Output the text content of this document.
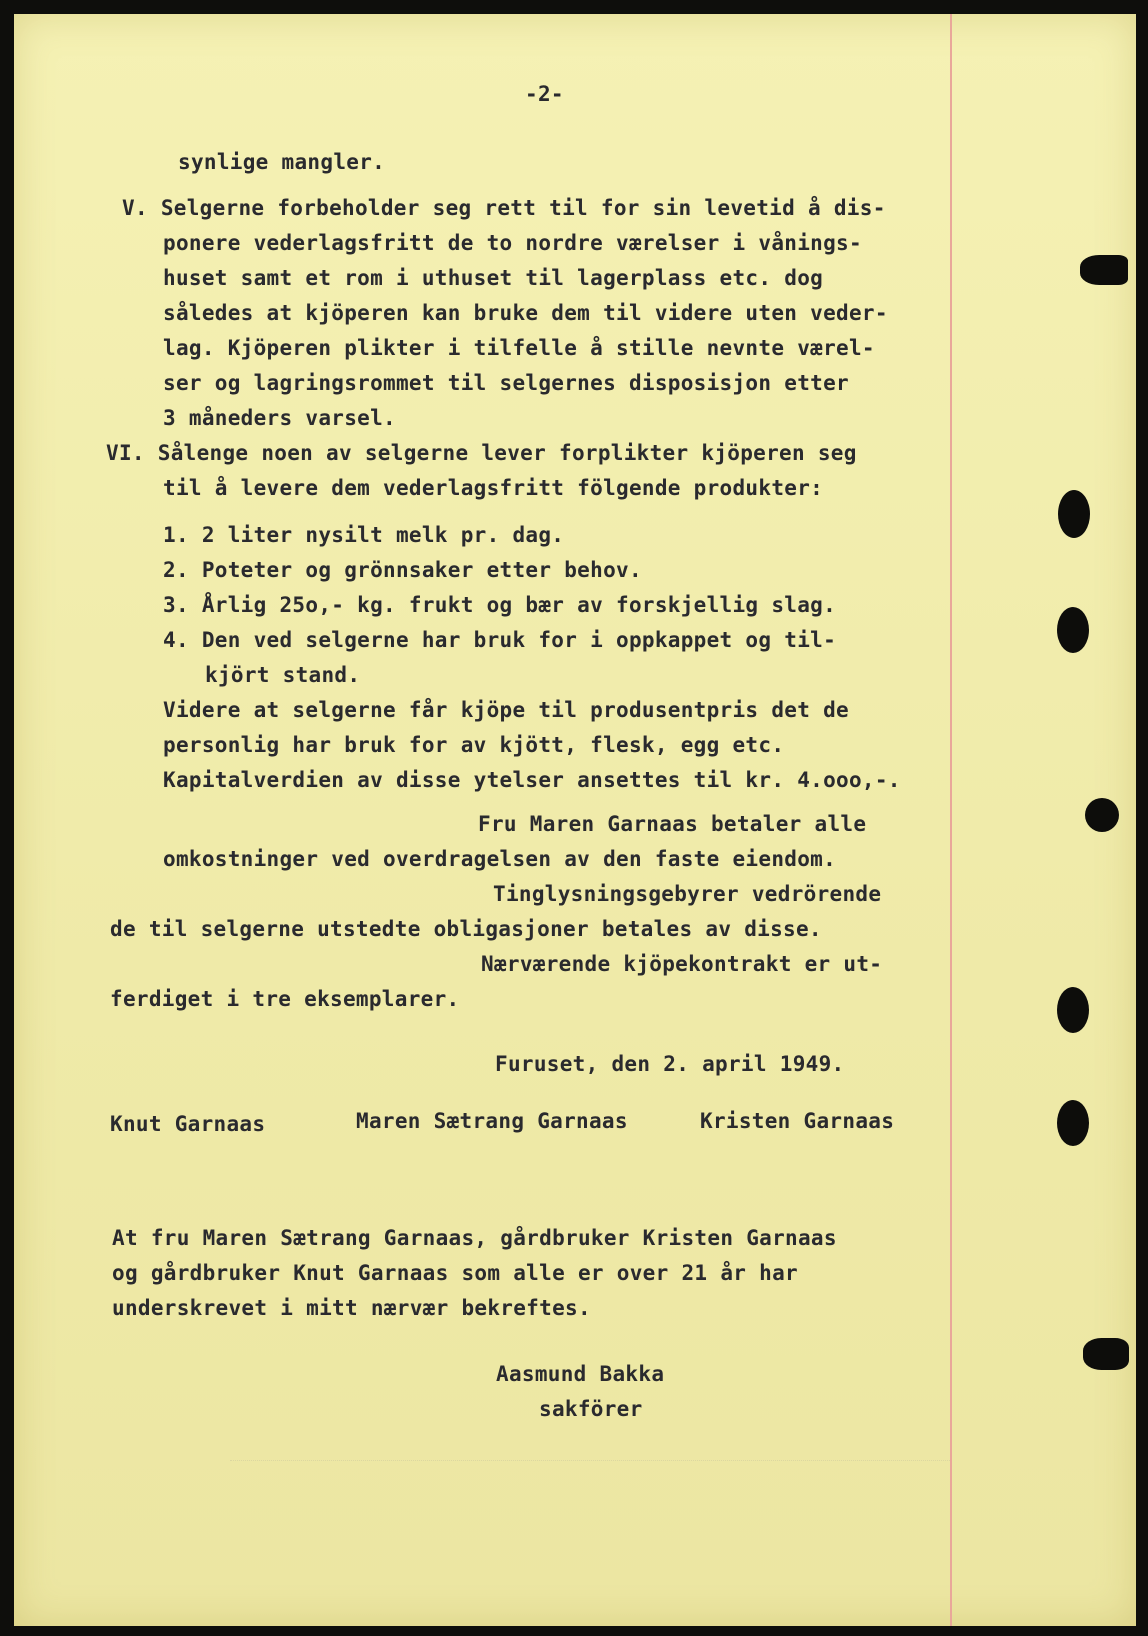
-2-
synlige mangler.
V. Selgerne forbeholder seg rett til for sin levetid å dis-
ponere vederlagsfritt de to nordre værelser i vånings-
huset samt et rom i uthuset til lagerplass etc. dog
således at kjöperen kan bruke dem til videre uten veder-
lag. Kjöperen plikter i tilfelle å stille nevnte værel-
ser og lagringsrommet til selgernes disposisjon etter
3 måneders varsel.
VI. Sålenge noen av selgerne lever forplikter kjöperen seg
til å levere dem vederlagsfritt fölgende produkter:
1. 2 liter nysilt melk pr. dag.
2. Poteter og grönnsaker etter behov.
3. Årlig 25o,- kg. frukt og bær av forskjellig slag.
4. Den ved selgerne har bruk for i oppkappet og til-
kjört stand.
Videre at selgerne får kjöpe til produsentpris det de
personlig har bruk for av kjött, flesk, egg etc.
Kapitalverdien av disse ytelser ansettes til kr. 4.ooo,-.
Fru Maren Garnaas betaler alle
omkostninger ved overdragelsen av den faste eiendom.
Tinglysningsgebyrer vedrörende
de til selgerne utstedte obligasjoner betales av disse.
Nærværende kjöpekontrakt er ut-
ferdiget i tre eksemplarer.
Furuset, den 2. april 1949.
Knut Garnaas	Maren Sætrang Garnaas	Kristen Garnaas
At fru Maren Sætrang Garnaas, gårdbruker Kristen Garnaas
og gårdbruker Knut Garnaas som alle er over 21 år har
underskrevet i mitt nærvær bekreftes.
Aasmund Bakka
sakförer
